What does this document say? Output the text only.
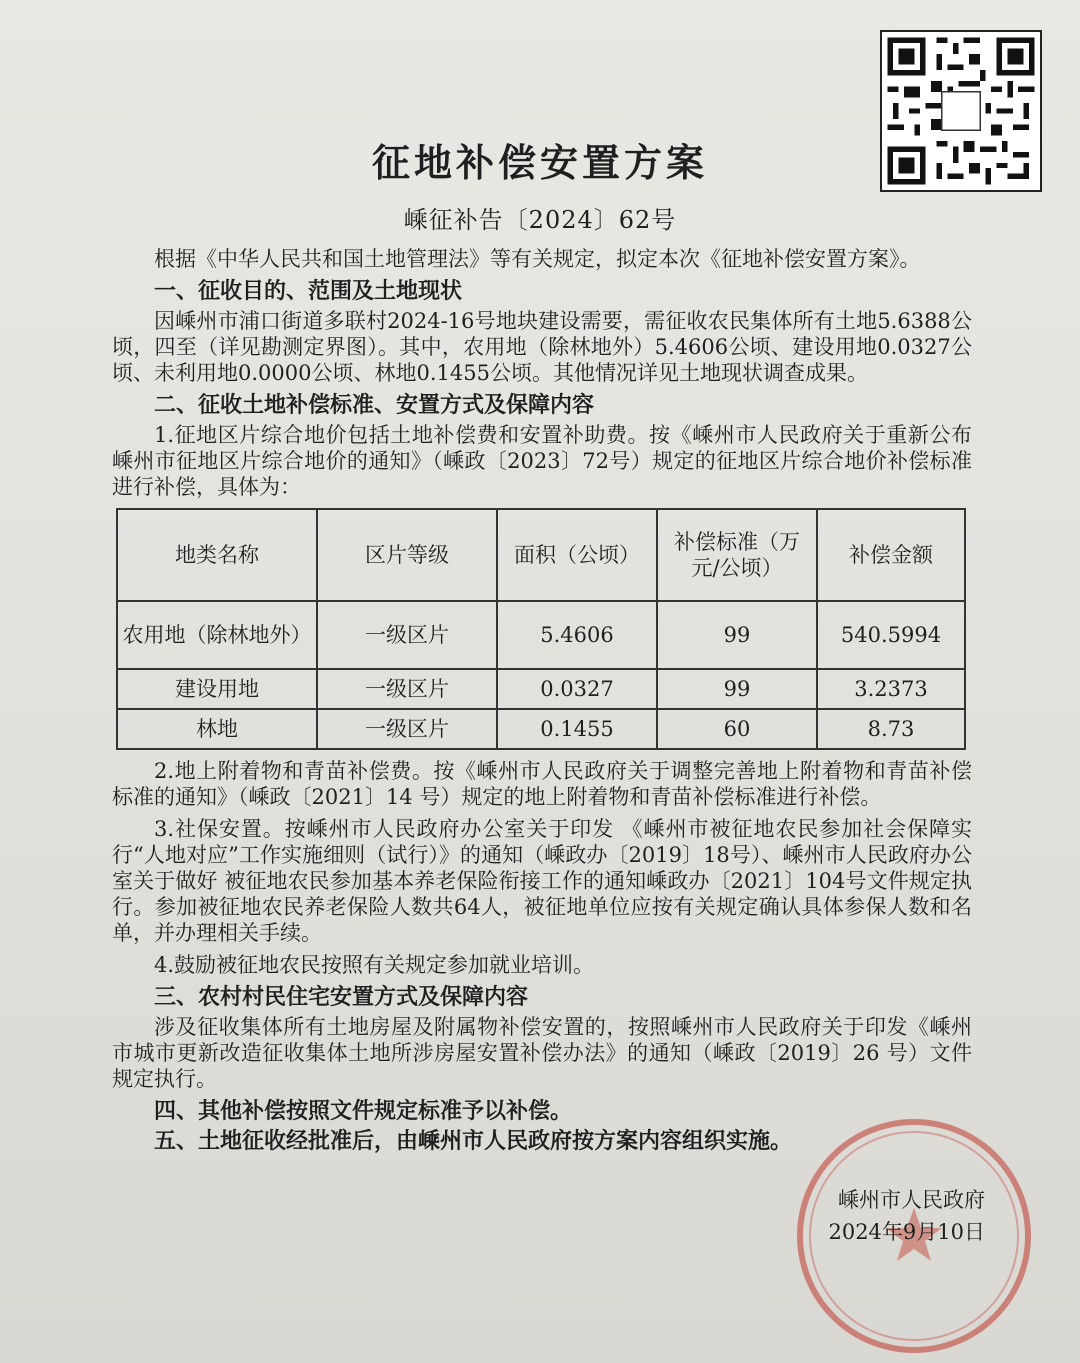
征地补偿安置方案
嵊征补告〔2024〕62号

根据《中华人民共和国土地管理法》等有关规定，拟定本次《征地补偿安置方案》。

一、征收目的、范围及土地现状

因嵊州市浦口街道多联村2024-16号地块建设需要，需征收农民集体所有土地5.6388公顷，四至（详见勘测定界图）。其中，农用地（除林地外）5.4606公顷、建设用地0.0327公顷、未利用地0.0000公顷、林地0.1455公顷。其他情况详见土地现状调查成果。

二、征收土地补偿标准、安置方式及保障内容

1.征地区片综合地价包括土地补偿费和安置补助费。按《嵊州市人民政府关于重新公布嵊州市征地区片综合地价的通知》（嵊政〔2023〕72号）规定的征地区片综合地价补偿标准进行补偿，具体为：

地类名称	区片等级	面积（公顷）	补偿标准（万元/公顷）	补偿金额
农用地（除林地外）	一级区片	5.4606	99	540.5994
建设用地	一级区片	0.0327	99	3.2373
林地	一级区片	0.1455	60	8.73

2.地上附着物和青苗补偿费。按《嵊州市人民政府关于调整完善地上附着物和青苗补偿标准的通知》（嵊政〔2021〕14 号）规定的地上附着物和青苗补偿标准进行补偿。

3.社保安置。按嵊州市人民政府办公室关于印发 《嵊州市被征地农民参加社会保障实行“人地对应”工作实施细则（试行）》的通知（嵊政办〔2019〕18号）、嵊州市人民政府办公室关于做好 被征地农民参加基本养老保险衔接工作的通知嵊政办〔2021〕104号文件规定执行。参加被征地农民养老保险人数共64人，被征地单位应按有关规定确认具体参保人数和名单，并办理相关手续。

4.鼓励被征地农民按照有关规定参加就业培训。

三、农村村民住宅安置方式及保障内容

涉及征收集体所有土地房屋及附属物补偿安置的，按照嵊州市人民政府关于印发《嵊州市城市更新改造征收集体土地所涉房屋安置补偿办法》的通知（嵊政〔2019〕26 号）文件规定执行。

四、其他补偿按照文件规定标准予以补偿。
五、土地征收经批准后，由嵊州市人民政府按方案内容组织实施。
嵊州市人民政府
2024年9月10日
